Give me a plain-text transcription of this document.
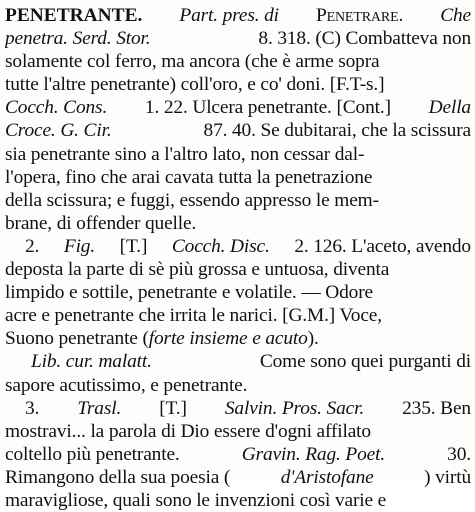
PENETRANTE.
Part. pres. di
Penetrare.
Che
penetra. Serd. Stor.	8. 318. (C) Combatteva non
solamente col ferro, ma ancora (che è arme sopra
tutte l'altre penetrante) coll'oro, e co' doni. [F.T-s.]
Cocch. Cons. 1. 22. Ulcera penetrante. [Cont.] Della
Croce. G. Cir.	87. 40. Se dubitarai, che la scissura
sia penetrante sino a l'altro lato, non cessar dal-
l'opera, fino che arai cavata tutta la penetrazione
della scissura; e fuggi, essendo appresso le mem-
brane, di offender quelle.
2. Fig. [T.] Cocch. Disc. 2. 126. L'aceto, avendo
deposta la parte di sè più grossa e untuosa, diventa
limpido e sottile, penetrante e volatile. — Odore
acre e penetrante che irrita le narici. [G.M.] Voce,
Suono penetrante ( forte insieme e acuto ).
Lib. cur. malatt.	Come sono quei purganti di
sapore acutissimo, e penetrante.
3. Trasl. [T.] Salvin. Pros. Sacr. 235. Ben
mostravi... la parola di Dio essere d'ogni affilato
coltello più penetrante.	Gravin. Rag. Poet.	30.
Rimangono della sua poesia (	d'Aristofane	) virtù
maravigliose, quali sono le invenzioni così varie e
